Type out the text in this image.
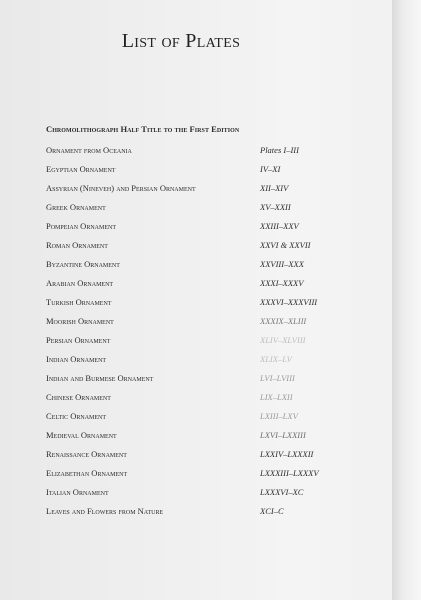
List of Plates
Chromolithograph Half Title to the First Edition
Ornament from Oceania	Plates I–III
Egyptian Ornament	IV–XI
Assyrian (Nineveh) and Persian Ornament	XII–XIV
Greek Ornament	XV–XXII
Pompeian Ornament	XXIII–XXV
Roman Ornament	XXVI & XXVII
Byzantine Ornament	XXVIII–XXX
Arabian Ornament	XXXI–XXXV
Turkish Ornament	XXXVI–XXXVIII
Moorish Ornament	XXXIX–XLIII
Persian Ornament	XLIV–XLVIII
Indian Ornament	XLIX–LV
Indian and Burmese Ornament	LVI–LVIII
Chinese Ornament	LIX–LXII
Celtic Ornament	LXIII–LXV
Medieval Ornament	LXVI–LXXIII
Renaissance Ornament	LXXIV–LXXXII
Elizabethan Ornament	LXXXIII–LXXXV
Italian Ornament	LXXXVI–XC
Leaves and Flowers from Nature	XCI–C
